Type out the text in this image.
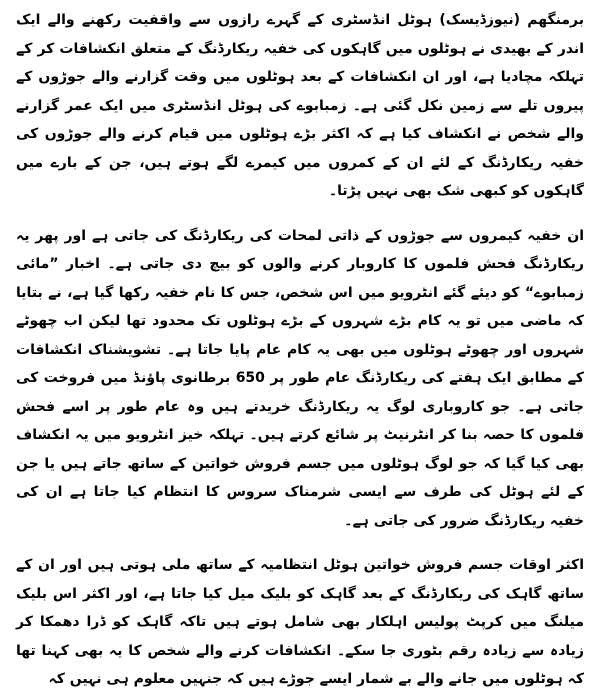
برمنگھم (نیوزڈیسک) ہوٹل انڈسٹری کے گہرے رازوں سے واقفیت رکھنے والے ایک اندر کے بھیدی نے ہوٹلوں میں گاہکوں کی خفیہ ریکارڈنگ کے متعلق انکشافات کر کے تہلکہ مچادیا ہے، اور ان انکشافات کے بعد ہوٹلوں میں وقت گزارنے والے جوڑوں کے پیروں تلے سے زمین نکل گئی ہے۔ زمبابوے کی ہوٹل انڈسٹری میں ایک عمر گزارنے والے شخص نے انکشاف کیا ہے کہ اکثر بڑے ہوٹلوں میں قیام کرنے والے جوڑوں کی خفیہ ریکارڈنگ کے لئے ان کے کمروں میں کیمرے لگے ہوتے ہیں، جن کے بارے میں گاہکوں کو کبھی شک بھی نہیں پڑتا۔

ان خفیہ کیمروں سے جوڑوں کے ذاتی لمحات کی ریکارڈنگ کی جاتی ہے اور پھر یہ ریکارڈنگ فحش فلموں کا کاروبار کرنے والوں کو بیچ دی جاتی ہے۔ اخبار ”مائی زمبابوے“ کو دیئے گئے انٹرویو میں اس شخص، جس کا نام خفیہ رکھا گیا ہے، نے بتایا کہ ماضی میں تو یہ کام بڑے شہروں کے بڑے ہوٹلوں تک محدود تھا لیکن اب چھوٹے شہروں اور چھوٹے ہوٹلوں میں بھی یہ کام عام پایا جاتا ہے۔ تشویشناک انکشافات کے مطابق ایک ہفتے کی ریکارڈنگ عام طور پر 650 برطانوی پاﺅنڈ میں فروخت کی جاتی ہے۔ جو کاروباری لوگ یہ ریکارڈنگ خریدتے ہیں وہ عام طور پر اسے فحش فلموں کا حصہ بنا کر انٹرنیٹ پر شائع کرتے ہیں۔ تہلکہ خیز انٹرویو میں یہ انکشاف بھی کیا گیا کہ جو لوگ ہوٹلوں میں جسم فروش خواتین کے ساتھ جاتے ہیں یا جن کے لئے ہوٹل کی طرف سے ایسی شرمناک سروس کا انتظام کیا جاتا ہے ان کی خفیہ ریکارڈنگ ضرور کی جاتی ہے۔

اکثر اوقات جسم فروش خواتین ہوٹل انتظامیہ کے ساتھ ملی ہوتی ہیں اور ان کے ساتھ گاہک کی ریکارڈنگ کے بعد گاہک کو بلیک میل کیا جاتا ہے، اور اکثر اس بلیک میلنگ میں کرپٹ پولیس اہلکار بھی شامل ہوتے ہیں تاکہ گاہک کو ڈرا دھمکا کر زیادہ سے زیادہ رقم بٹوری جا سکے۔ انکشافات کرنے والے شخص کا یہ بھی کہنا تھا کہ ہوٹلوں میں جانے والے بے شمار ایسے جوڑے ہیں کہ جنہیں معلوم ہی نہیں کہ
